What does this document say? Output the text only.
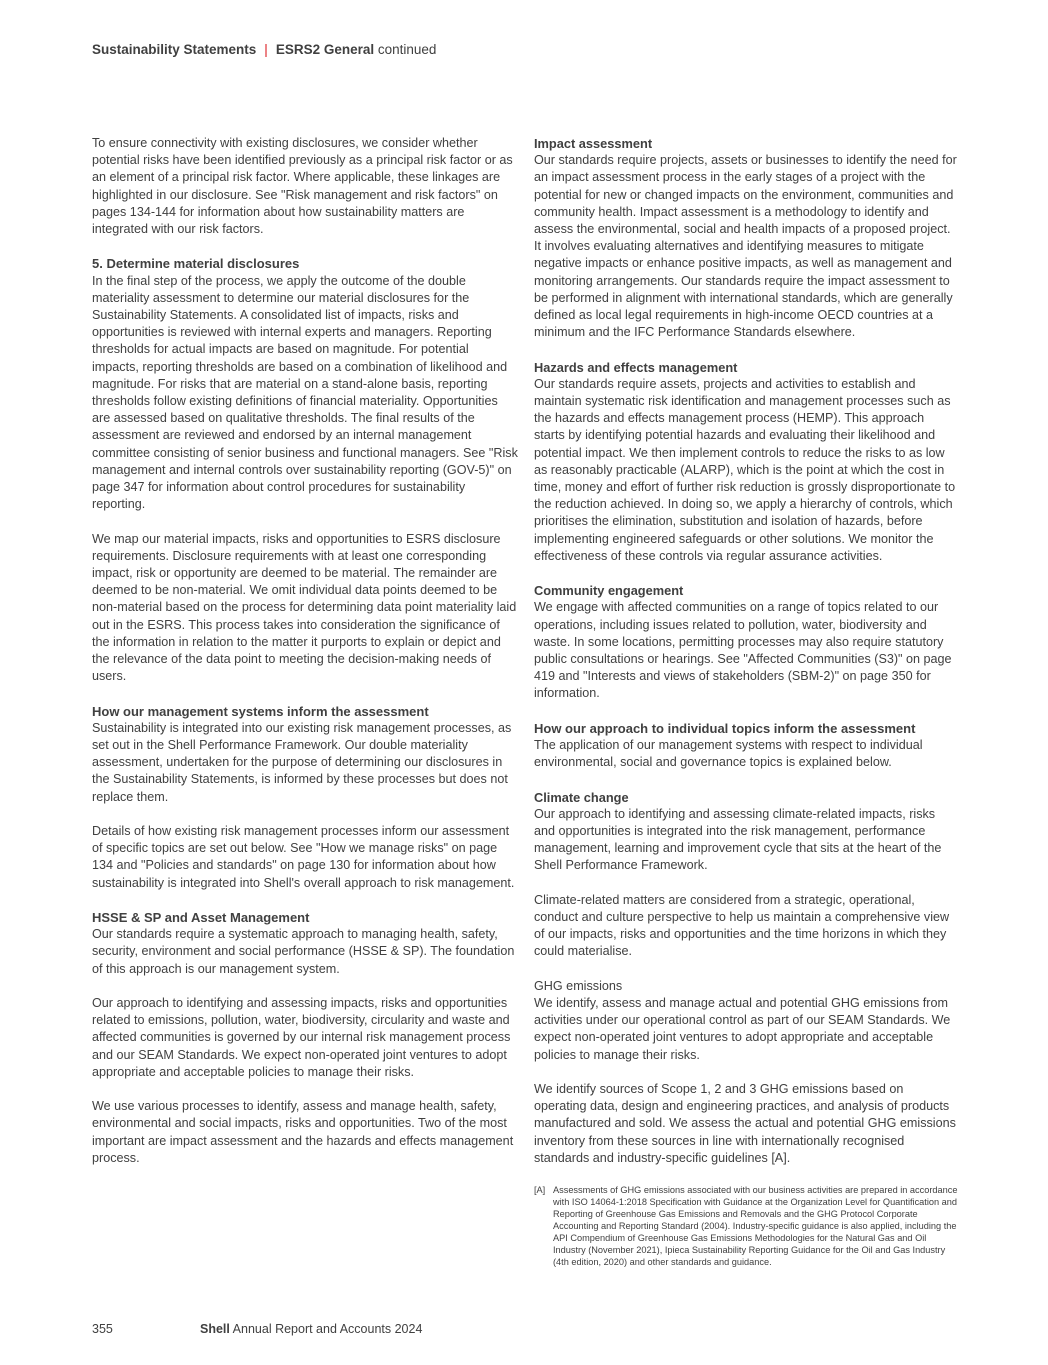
Sustainability Statements | ESRS2 General continued

To ensure connectivity with existing disclosures, we consider whether potential risks have been identified previously as a principal risk factor or as an element of a principal risk factor. Where applicable, these linkages are highlighted in our disclosure. See "Risk management and risk factors" on pages 134-144 for information about how sustainability matters are integrated with our risk factors.

5. Determine material disclosures

In the final step of the process, we apply the outcome of the double materiality assessment to determine our material disclosures for the Sustainability Statements. A consolidated list of impacts, risks and opportunities is reviewed with internal experts and managers. Reporting thresholds for actual impacts are based on magnitude. For potential impacts, reporting thresholds are based on a combination of likelihood and magnitude. For risks that are material on a stand-alone basis, reporting thresholds follow existing definitions of financial materiality. Opportunities are assessed based on qualitative thresholds. The final results of the assessment are reviewed and endorsed by an internal management committee consisting of senior business and functional managers. See "Risk management and internal controls over sustainability reporting (GOV-5)" on page 347 for information about control procedures for sustainability reporting.

We map our material impacts, risks and opportunities to ESRS disclosure requirements. Disclosure requirements with at least one corresponding impact, risk or opportunity are deemed to be material. The remainder are deemed to be non-material. We omit individual data points deemed to be non-material based on the process for determining data point materiality laid out in the ESRS. This process takes into consideration the significance of the information in relation to the matter it purports to explain or depict and the relevance of the data point to meeting the decision-making needs of users.

How our management systems inform the assessment

Sustainability is integrated into our existing risk management processes, as set out in the Shell Performance Framework. Our double materiality assessment, undertaken for the purpose of determining our disclosures in the Sustainability Statements, is informed by these processes but does not replace them.

Details of how existing risk management processes inform our assessment of specific topics are set out below. See "How we manage risks" on page 134 and "Policies and standards" on page 130 for information about how sustainability is integrated into Shell's overall approach to risk management.

HSSE & SP and Asset Management

Our standards require a systematic approach to managing health, safety, security, environment and social performance (HSSE & SP). The foundation of this approach is our management system.

Our approach to identifying and assessing impacts, risks and opportunities related to emissions, pollution, water, biodiversity, circularity and waste and affected communities is governed by our internal risk management process and our SEAM Standards. We expect non-operated joint ventures to adopt appropriate and acceptable policies to manage their risks.

We use various processes to identify, assess and manage health, safety, environmental and social impacts, risks and opportunities. Two of the most important are impact assessment and the hazards and effects management process.

Impact assessment

Our standards require projects, assets or businesses to identify the need for an impact assessment process in the early stages of a project with the potential for new or changed impacts on the environment, communities and community health. Impact assessment is a methodology to identify and assess the environmental, social and health impacts of a proposed project. It involves evaluating alternatives and identifying measures to mitigate negative impacts or enhance positive impacts, as well as management and monitoring arrangements. Our standards require the impact assessment to be performed in alignment with international standards, which are generally defined as local legal requirements in high-income OECD countries at a minimum and the IFC Performance Standards elsewhere.

Hazards and effects management

Our standards require assets, projects and activities to establish and maintain systematic risk identification and management processes such as the hazards and effects management process (HEMP). This approach starts by identifying potential hazards and evaluating their likelihood and potential impact. We then implement controls to reduce the risks to as low as reasonably practicable (ALARP), which is the point at which the cost in time, money and effort of further risk reduction is grossly disproportionate to the reduction achieved. In doing so, we apply a hierarchy of controls, which prioritises the elimination, substitution and isolation of hazards, before implementing engineered safeguards or other solutions. We monitor the effectiveness of these controls via regular assurance activities.

Community engagement

We engage with affected communities on a range of topics related to our operations, including issues related to pollution, water, biodiversity and waste. In some locations, permitting processes may also require statutory public consultations or hearings. See "Affected Communities (S3)" on page 419 and "Interests and views of stakeholders (SBM-2)" on page 350 for information.

How our approach to individual topics inform the assessment

The application of our management systems with respect to individual environmental, social and governance topics is explained below.

Climate change

Our approach to identifying and assessing climate-related impacts, risks and opportunities is integrated into the risk management, performance management, learning and improvement cycle that sits at the heart of the Shell Performance Framework.

Climate-related matters are considered from a strategic, operational, conduct and culture perspective to help us maintain a comprehensive view of our impacts, risks and opportunities and the time horizons in which they could materialise.

GHG emissions

We identify, assess and manage actual and potential GHG emissions from activities under our operational control as part of our SEAM Standards. We expect non-operated joint ventures to adopt appropriate and acceptable policies to manage their risks.

We identify sources of Scope 1, 2 and 3 GHG emissions based on operating data, design and engineering practices, and analysis of products manufactured and sold. We assess the actual and potential GHG emissions inventory from these sources in line with internationally recognised standards and industry-specific guidelines [A].

[A] Assessments of GHG emissions associated with our business activities are prepared in accordance with ISO 14064-1:2018 Specification with Guidance at the Organization Level for Quantification and Reporting of Greenhouse Gas Emissions and Removals and the GHG Protocol Corporate Accounting and Reporting Standard (2004). Industry-specific guidance is also applied, including the API Compendium of Greenhouse Gas Emissions Methodologies for the Natural Gas and Oil Industry (November 2021), Ipieca Sustainability Reporting Guidance for the Oil and Gas Industry (4th edition, 2020) and other standards and guidance.
355	Shell Annual Report and Accounts 2024
